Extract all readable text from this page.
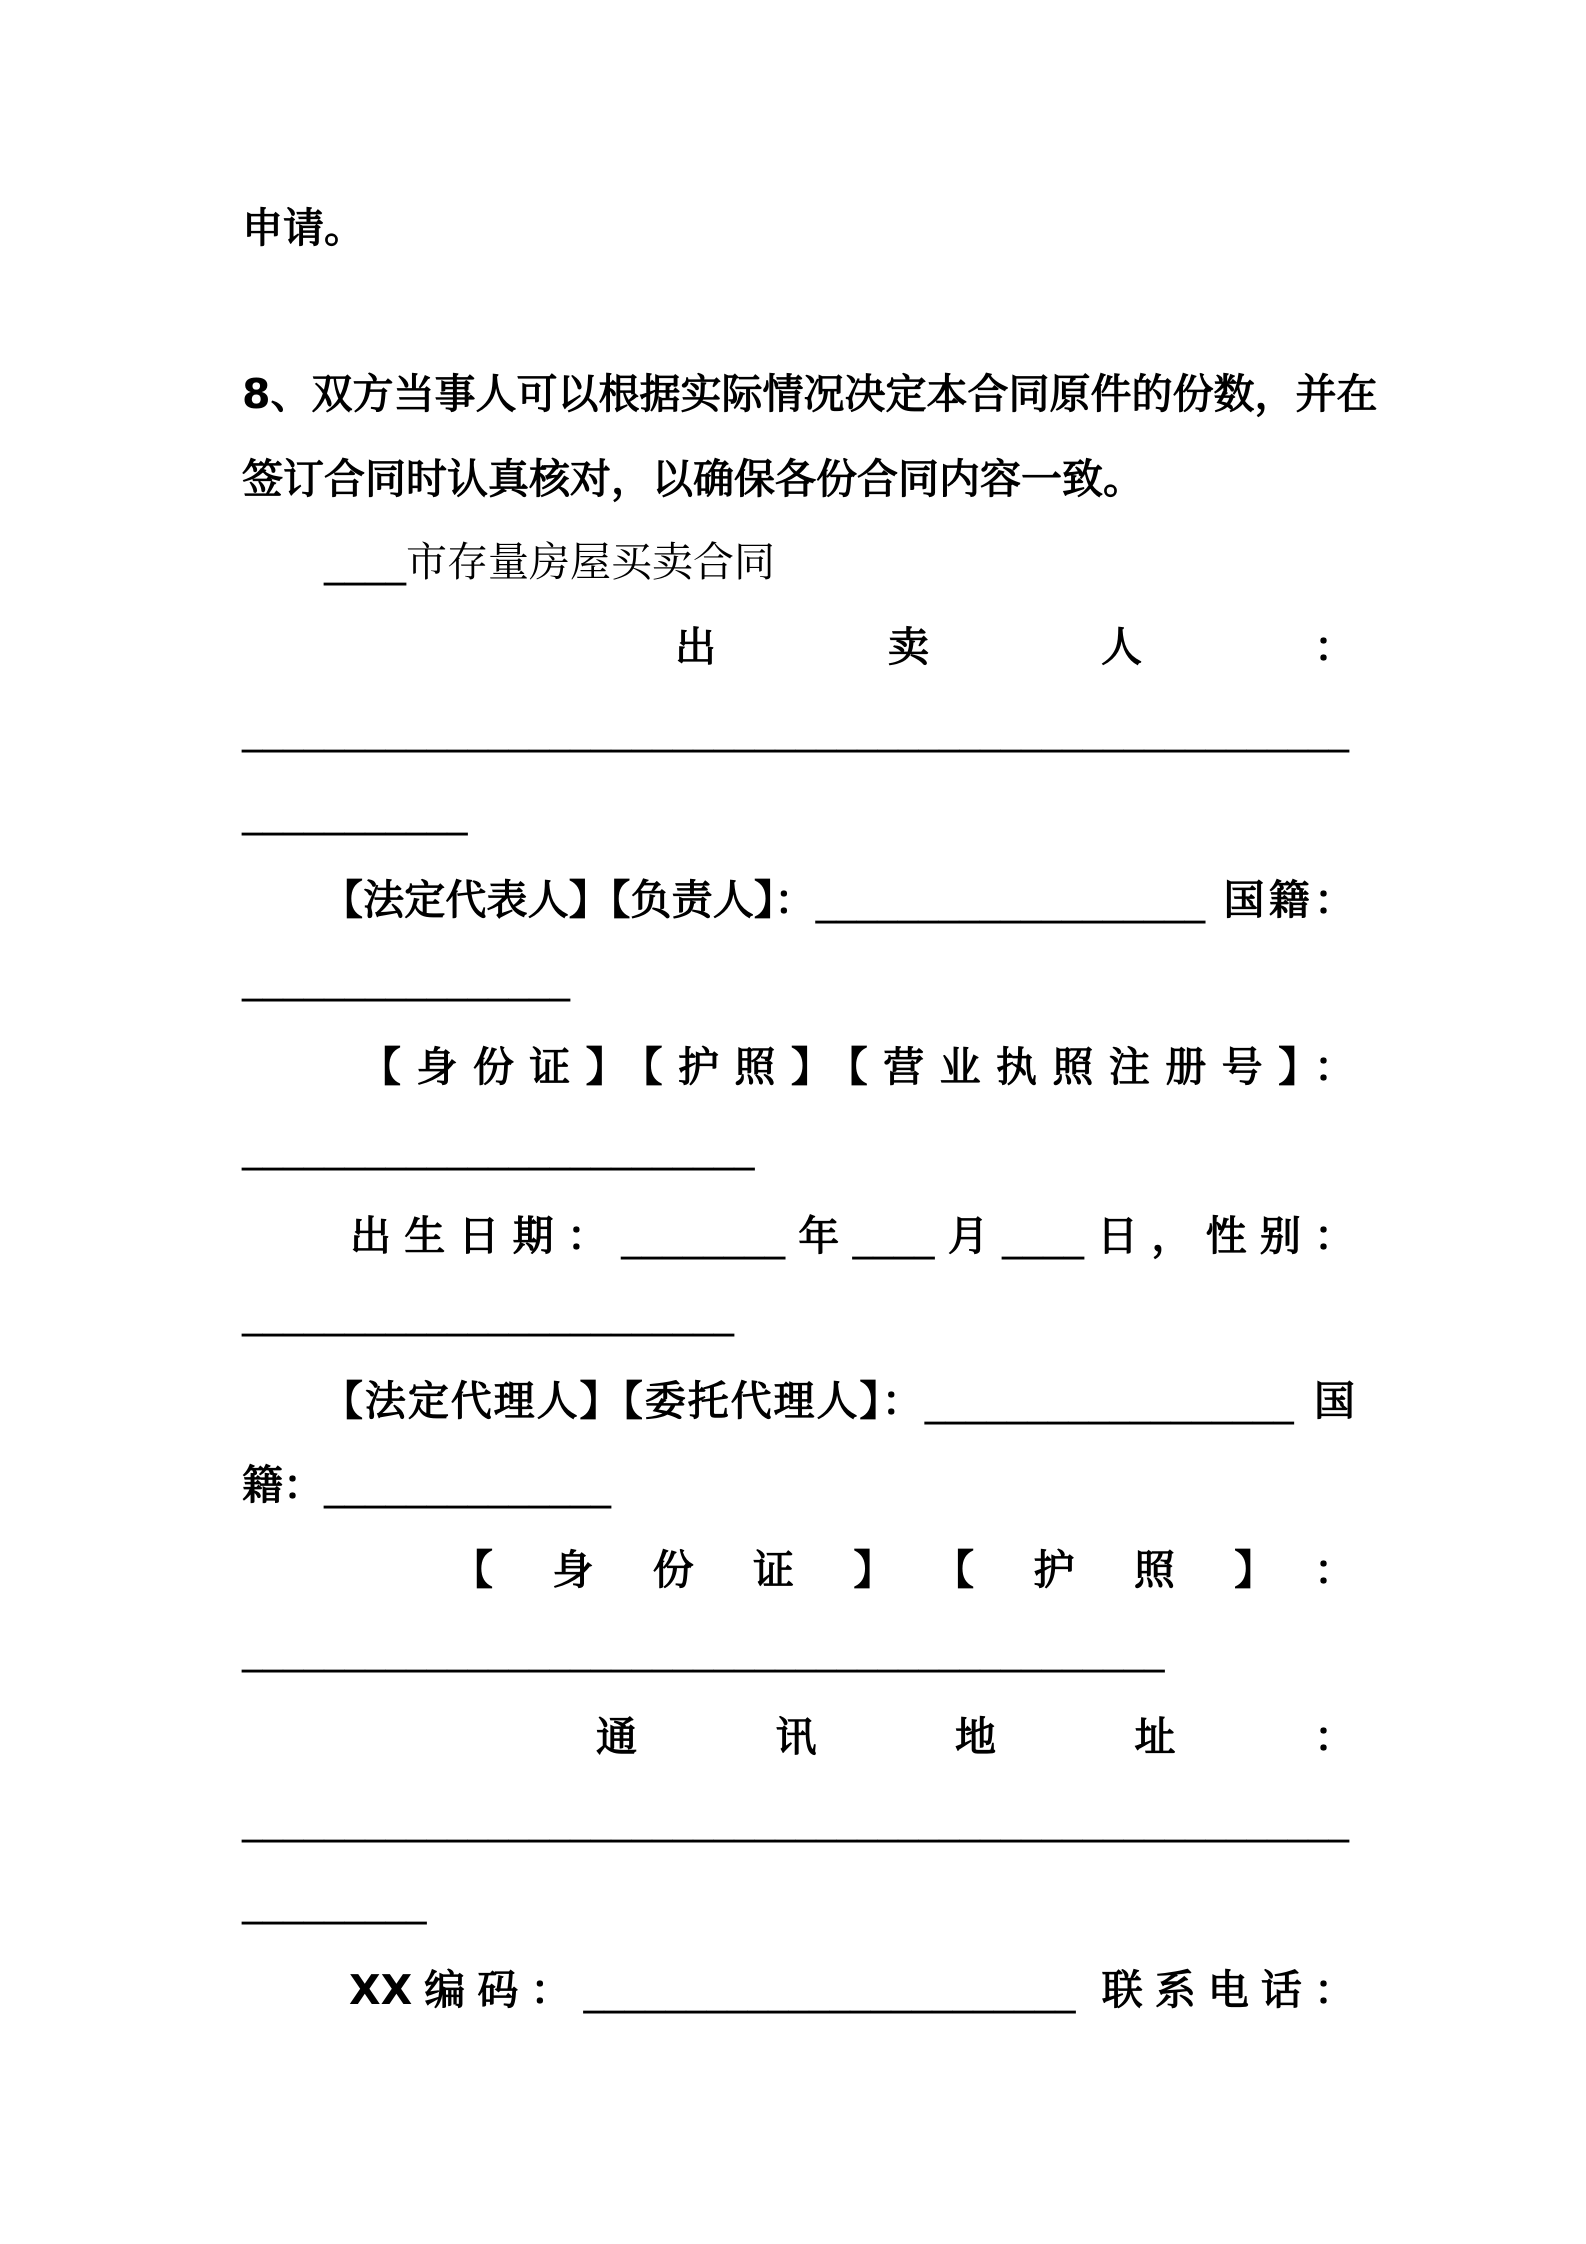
申请。
8、双方当事人可以根据实际情况决定本合同原件的份数，并在
签订合同时认真核对，以确保各份合同内容一致。
____市存量房屋买卖合同
出卖人：
______________________________________________________
___________
【法定代表人】【负责人】：___________________ 国籍：
________________
【身份证】【护照】【营业执照注册号】：
_________________________
出生日期：________年____月____日，性别：
________________________
【法定代理人】【委托代理人】：__________________ 国
籍：______________
【身份证】【护照】：
_____________________________________________
通讯地址：
______________________________________________________
_________
XX编码：________________________ 联系电话：
